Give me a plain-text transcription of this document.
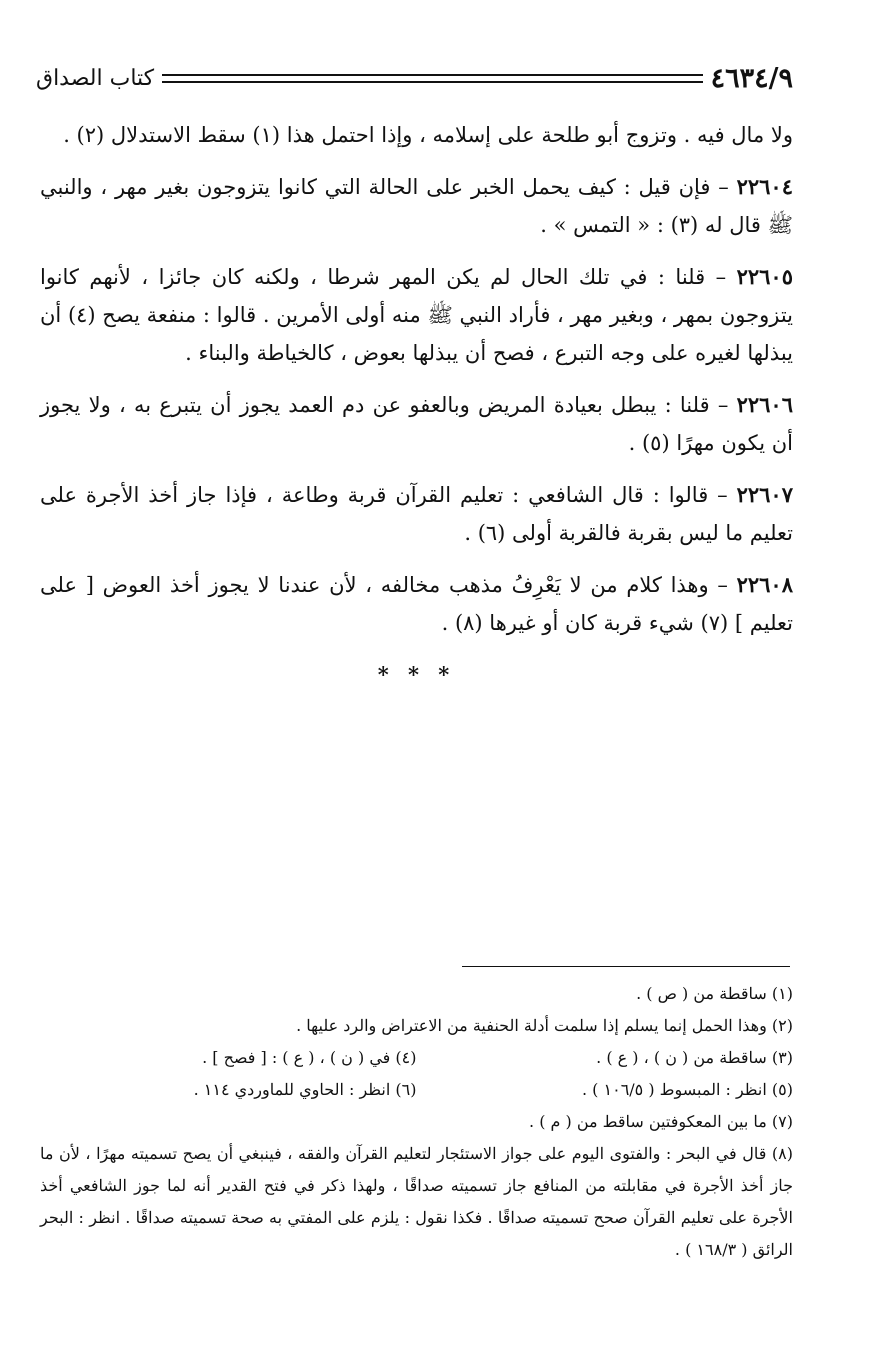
٤٦٣٤/٩
كتاب الصداق

ولا مال فيه . وتزوج أبو طلحة على إسلامه ، وإذا احتمل هذا (١) سقط الاستدلال (٢) .

٢٢٦٠٤ – فإن قيل : كيف يحمل الخبر على الحالة التي كانوا يتزوجون بغير مهر ، والنبي ﷺ قال له (٣) : « التمس » .

٢٢٦٠٥ – قلنا : في تلك الحال لم يكن المهر شرطا ، ولكنه كان جائزا ، لأنهم كانوا يتزوجون بمهر ، وبغير مهر ، فأراد النبي ﷺ منه أولى الأمرين . قالوا : منفعة يصح (٤) أن يبذلها لغيره على وجه التبرع ، فصح أن يبذلها بعوض ، كالخياطة والبناء .

٢٢٦٠٦ – قلنا : يبطل بعيادة المريض وبالعفو عن دم العمد يجوز أن يتبرع به ، ولا يجوز أن يكون مهرًا (٥) .

٢٢٦٠٧ – قالوا : قال الشافعي : تعليم القرآن قربة وطاعة ، فإذا جاز أخذ الأجرة على تعليم ما ليس بقربة فالقربة أولى (٦) .

٢٢٦٠٨ – وهذا كلام من لا يَعْرِفُ مذهب مخالفه ، لأن عندنا لا يجوز أخذ العوض [ على تعليم ] (٧) شيء قربة كان أو غيرها (٨) .

* * *

(١) ساقطة من ( ص ) .

(٢) وهذا الحمل إنما يسلم إذا سلمت أدلة الحنفية من الاعتراض والرد عليها .

(٣) ساقطة من ( ن ) ، ( ع ) .
(٤) في ( ن ) ، ( ع ) : [ فصح ] .
(٥) انظر : المبسوط ( ١٠٦/٥ ) .
(٦) انظر : الحاوي للماوردي ١١٤ .

(٧) ما بين المعكوفتين ساقط من ( م ) .

(٨) قال في البحر : والفتوى اليوم على جواز الاستئجار لتعليم القرآن والفقه ، فينبغي أن يصح تسميته مهرًا ، لأن ما جاز أخذ الأجرة في مقابلته من المنافع جاز تسميته صداقًا ، ولهذا ذكر في فتح القدير أنه لما جوز الشافعي أخذ الأجرة على تعليم القرآن صحح تسميته صداقًا . فكذا نقول : يلزم على المفتي به صحة تسميته صداقًا . انظر : البحر الرائق ( ١٦٨/٣ ) .
